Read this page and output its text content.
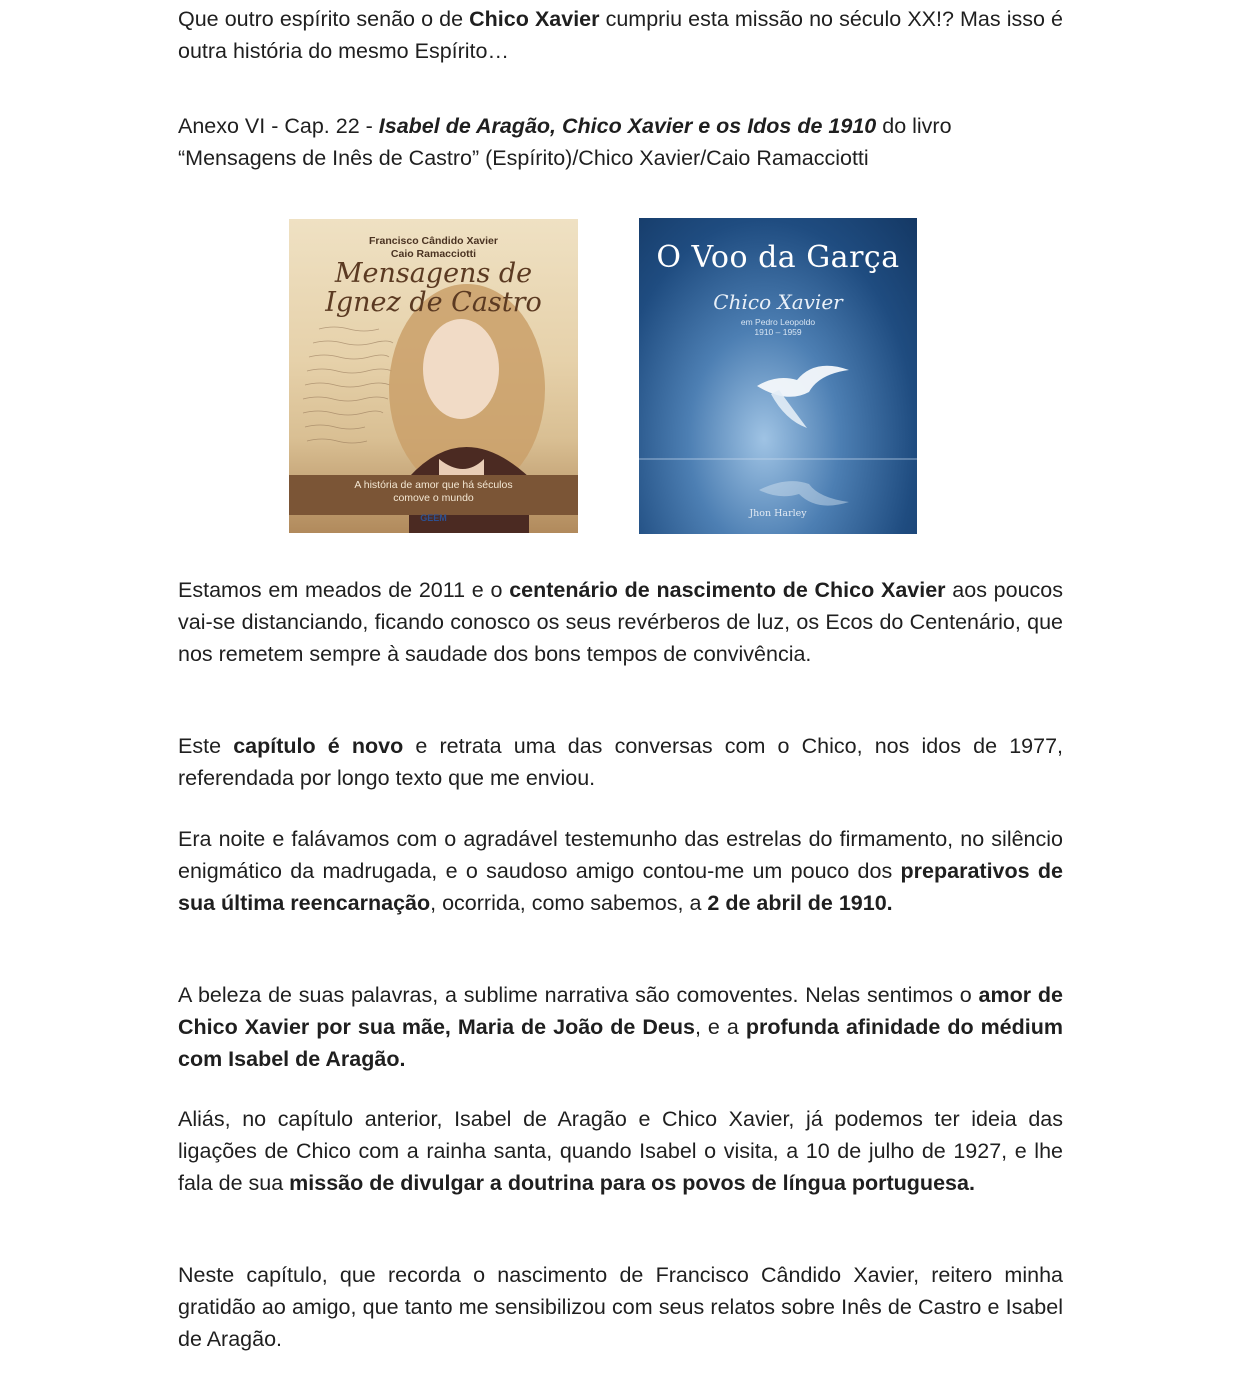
Que outro espírito senão o de Chico Xavier cumpriu esta missão no século XX!? Mas isso é outra história do mesmo Espírito…

Anexo VI - Cap. 22 - Isabel de Aragão, Chico Xavier e os Idos de 1910 do livro “Mensagens de Inês de Castro” (Espírito)/Chico Xavier/Caio Ramacciotti

Francisco Cândido Xavier
Caio Ramacciotti
Mensagens de Ignez de Castro
A história de amor que há séculos
comove o mundo
GEEM
O Voo da Garça
Chico Xavier
em Pedro Leopoldo
1910 – 1959
Jhon Harley

Estamos em meados de 2011 e o centenário de nascimento de Chico Xavier aos poucos vai-se distanciando, ficando conosco os seus revérberos de luz, os Ecos do Centenário, que nos remetem sempre à saudade dos bons tempos de convivência.

Este capítulo é novo e retrata uma das conversas com o Chico, nos idos de 1977, referendada por longo texto que me enviou.

Era noite e falávamos com o agradável testemunho das estrelas do firmamento, no silêncio enigmático da madrugada, e o saudoso amigo contou-me um pouco dos preparativos de sua última reencarnação, ocorrida, como sabemos, a 2 de abril de 1910.

A beleza de suas palavras, a sublime narrativa são comoventes. Nelas sentimos o amor de Chico Xavier por sua mãe, Maria de João de Deus, e a profunda afinidade do médium com Isabel de Aragão.

Aliás, no capítulo anterior, Isabel de Aragão e Chico Xavier, já podemos ter ideia das ligações de Chico com a rainha santa, quando Isabel o visita, a 10 de julho de 1927, e lhe fala de sua missão de divulgar a doutrina para os povos de língua portuguesa.

Neste capítulo, que recorda o nascimento de Francisco Cândido Xavier, reitero minha gratidão ao amigo, que tanto me sensibilizou com seus relatos sobre Inês de Castro e Isabel de Aragão.
